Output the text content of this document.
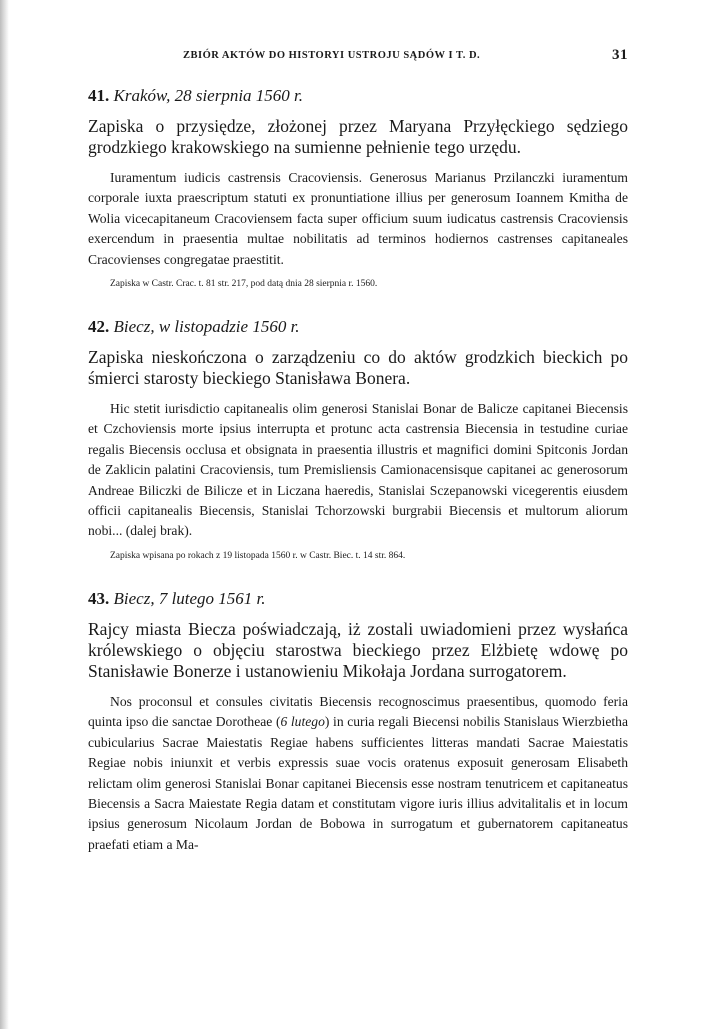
ZBIÓR AKTÓW DO HISTORYI USTROJU SĄDÓW I T. D.	31

41. Kraków, 28 sierpnia 1560 r.

Zapiska o przysiędze, złożonej przez Maryana Przyłęckiego sędziego grodzkiego krakowskiego na sumienne pełnienie tego urzędu.

Iuramentum iudicis castrensis Cracoviensis. Generosus Marianus Przilanczki iuramentum corporale iuxta praescriptum statuti ex pronuntiatione illius per generosum Ioannem Kmitha de Wolia vicecapitaneum Cracoviensem facta super officium suum iudicatus castrensis Cracoviensis exercendum in praesentia multae nobilitatis ad terminos hodiernos castrenses capitaneales Cracovienses congregatae praestitit.

Zapiska w Castr. Crac. t. 81 str. 217, pod datą dnia 28 sierpnia r. 1560.

42. Biecz, w listopadzie 1560 r.

Zapiska nieskończona o zarządzeniu co do aktów grodzkich bieckich po śmierci starosty bieckiego Stanisława Bonera.

Hic stetit iurisdictio capitanealis olim generosi Stanislai Bonar de Balicze capitanei Biecensis et Czchoviensis morte ipsius interrupta et protunc acta castrensia Biecensia in testudine curiae regalis Biecensis occlusa et obsignata in praesentia illustris et magnifici domini Spitconis Jordan de Zaklicin palatini Cracoviensis, tum Premisliensis Camionacensisque capitanei ac generosorum Andreae Biliczki de Bilicze et in Liczana haeredis, Stanislai Sczepanowski vicegerentis eiusdem officii capitanealis Biecensis, Stanislai Tchorzowski burgrabii Biecensis et multorum aliorum nobi... (dalej brak).

Zapiska wpisana po rokach z 19 listopada 1560 r. w Castr. Biec. t. 14 str. 864.

43. Biecz, 7 lutego 1561 r.

Rajcy miasta Biecza poświadczają, iż zostali uwiadomieni przez wysłańca królewskiego o objęciu starostwa bieckiego przez Elżbietę wdowę po Stanisławie Bonerze i ustanowieniu Mikołaja Jordana surrogatorem.

Nos proconsul et consules civitatis Biecensis recognoscimus praesentibus, quomodo feria quinta ipso die sanctae Dorotheae (6 lutego) in curia regali Biecensi nobilis Stanislaus Wierzbietha cubicularius Sacrae Maiestatis Regiae habens sufficientes litteras mandati Sacrae Maiestatis Regiae nobis iniunxit et verbis expressis suae vocis oratenus exposuit generosam Elisabeth relictam olim generosi Stanislai Bonar capitanei Biecensis esse nostram tenutricem et capitaneatus Biecensis a Sacra Maiestate Regia datam et constitutam vigore iuris illius advitalitalis et in locum ipsius generosum Nicolaum Jordan de Bobowa in surrogatum et gubernatorem capitaneatus praefati etiam a Ma-
